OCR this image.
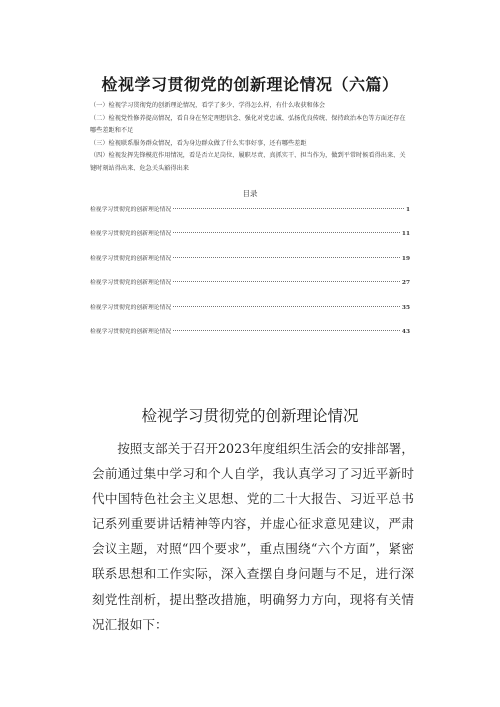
检视学习贯彻党的创新理论情况（六篇）

（一）检视学习贯彻党的创新理论情况，看学了多少、学得怎么样，有什么收获和体会

（二）检视党性修养提高情况，看自身在坚定理想信念、强化对党忠诚、弘扬优良传统、保持政治本色等方面还存在哪些差距和不足

（三）检视联系服务群众情况，看为身边群众做了什么实事好事，还有哪些差距

（四）检视发挥先锋模范作用情况，看是否立足岗位、履职尽责、真抓实干、担当作为，做到平常时候看得出来、关键时刻站得出来、危急关头豁得出来

目录
检视学习贯彻党的创新理论情况	1
检视学习贯彻党的创新理论情况	11
检视学习贯彻党的创新理论情况	19
检视学习贯彻党的创新理论情况	27
检视学习贯彻党的创新理论情况	35
检视学习贯彻党的创新理论情况	43
检视学习贯彻党的创新理论情况

按照支部关于召开2023年度组织生活会的安排部署，会前通过集中学习和个人自学，我认真学习了习近平新时代中国特色社会主义思想、党的二十大报告、习近平总书记系列重要讲话精神等内容，并虚心征求意见建议，严肃会议主题，对照“四个要求”，重点围绕“六个方面”，紧密联系思想和工作实际，深入查摆自身问题与不足，进行深刻党性剖析，提出整改措施，明确努力方向，现将有关情况汇报如下：
